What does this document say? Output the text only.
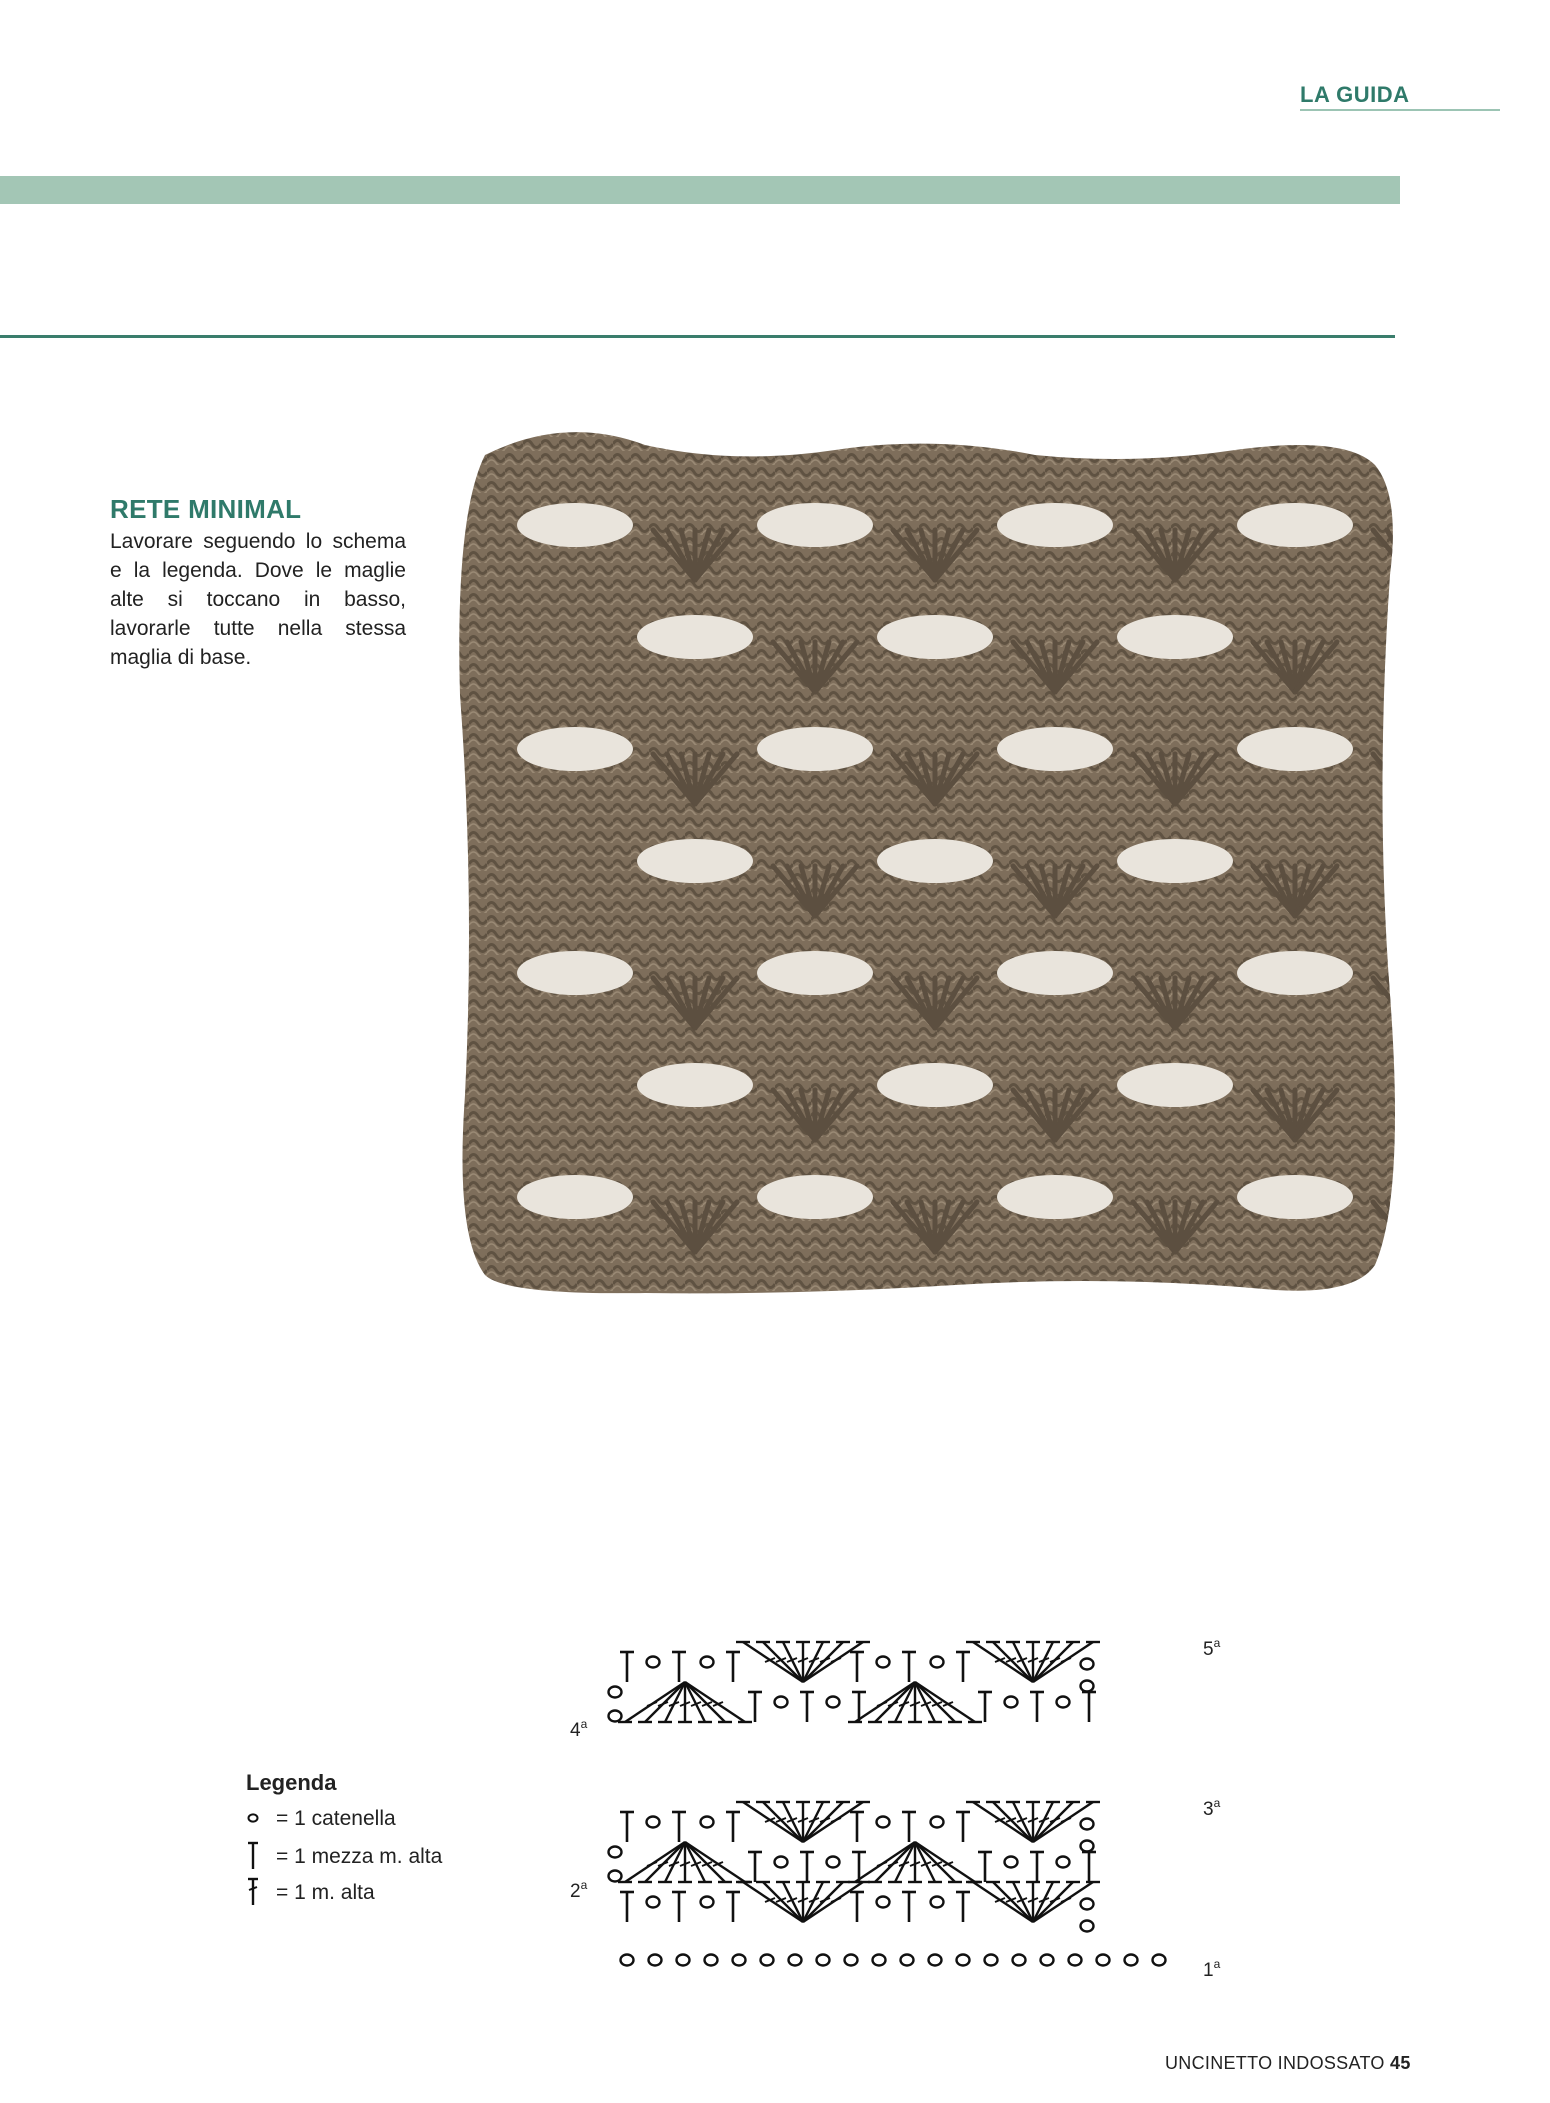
LA GUIDA
RETE MINIMAL

Lavorare seguendo lo schema e la legenda. Dove le maglie alte si toccano in basso, lavorarle tutte nella stessa maglia di base.

Legenda
= 1 catenella
= 1 mezza m. alta
= 1 m. alta
5$^a$
4$^a$
3$^a$
2$^a$
1$^a$
UNCINETTO INDOSSATO 45
